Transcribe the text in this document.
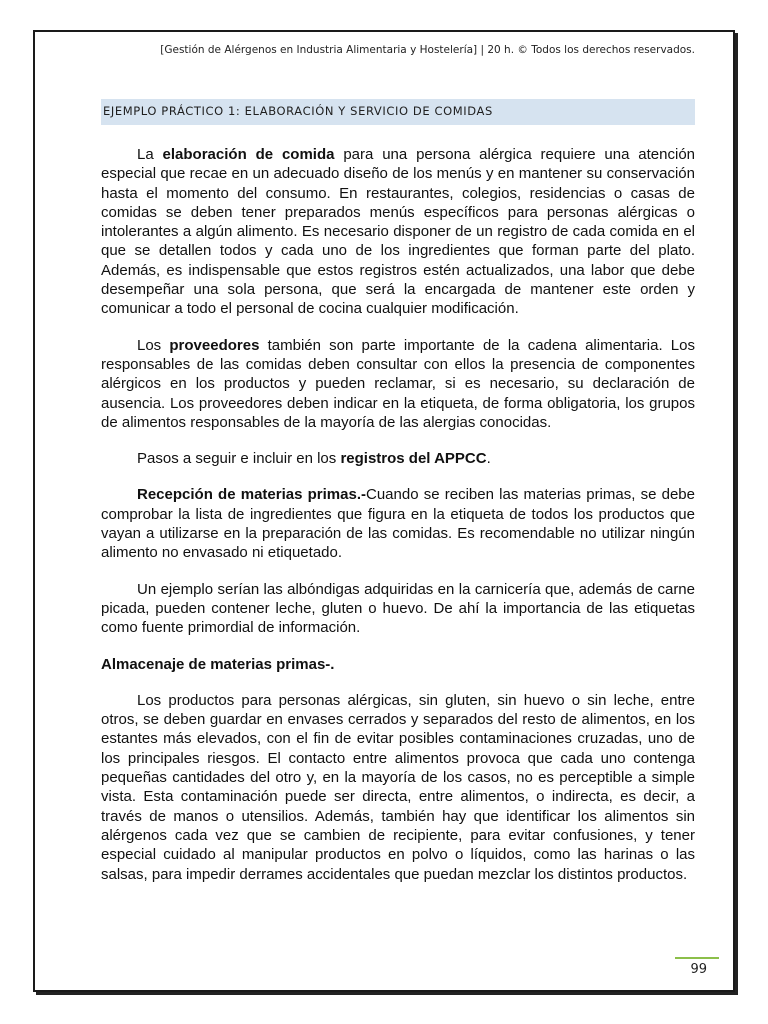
[Gestión de Alérgenos en Industria Alimentaria y Hostelería] | 20 h. © Todos los derechos reservados.
EJEMPLO PRÁCTICO 1: ELABORACIÓN Y SERVICIO DE COMIDAS

La elaboración de comida para una persona alérgica requiere una atención especial que recae en un adecuado diseño de los menús y en mantener su conservación hasta el momento del consumo. En restaurantes, colegios, residencias o casas de comidas se deben tener preparados menús específicos para personas alérgicas o intolerantes a algún alimento. Es necesario disponer de un registro de cada comida en el que se detallen todos y cada uno de los ingredientes que forman parte del plato. Además, es indispensable que estos registros estén actualizados, una labor que debe desempeñar una sola persona, que será la encargada de mantener este orden y comunicar a todo el personal de cocina cualquier modificación.

Los proveedores también son parte importante de la cadena alimentaria. Los responsables de las comidas deben consultar con ellos la presencia de componentes alérgicos en los productos y pueden reclamar, si es necesario, su declaración de ausencia. Los proveedores deben indicar en la etiqueta, de forma obligatoria, los grupos de alimentos responsables de la mayoría de las alergias conocidas.

Pasos a seguir e incluir en los registros del APPCC.

Recepción de materias primas.-Cuando se reciben las materias primas, se debe comprobar la lista de ingredientes que figura en la etiqueta de todos los productos que vayan a utilizarse en la preparación de las comidas. Es recomendable no utilizar ningún alimento no envasado ni etiquetado.

Un ejemplo serían las albóndigas adquiridas en la carnicería que, además de carne picada, pueden contener leche, gluten o huevo. De ahí la importancia de las etiquetas como fuente primordial de información.

Almacenaje de materias primas-.

Los productos para personas alérgicas, sin gluten, sin huevo o sin leche, entre otros, se deben guardar en envases cerrados y separados del resto de alimentos, en los estantes más elevados, con el fin de evitar posibles contaminaciones cruzadas, uno de los principales riesgos. El contacto entre alimentos provoca que cada uno contenga pequeñas cantidades del otro y, en la mayoría de los casos, no es perceptible a simple vista. Esta contaminación puede ser directa, entre alimentos, o indirecta, es decir, a través de manos o utensilios. Además, también hay que identificar los alimentos sin alérgenos cada vez que se cambien de recipiente, para evitar confusiones, y tener especial cuidado al manipular productos en polvo o líquidos, como las harinas o las salsas, para impedir derrames accidentales que puedan mezclar los distintos productos.

99
